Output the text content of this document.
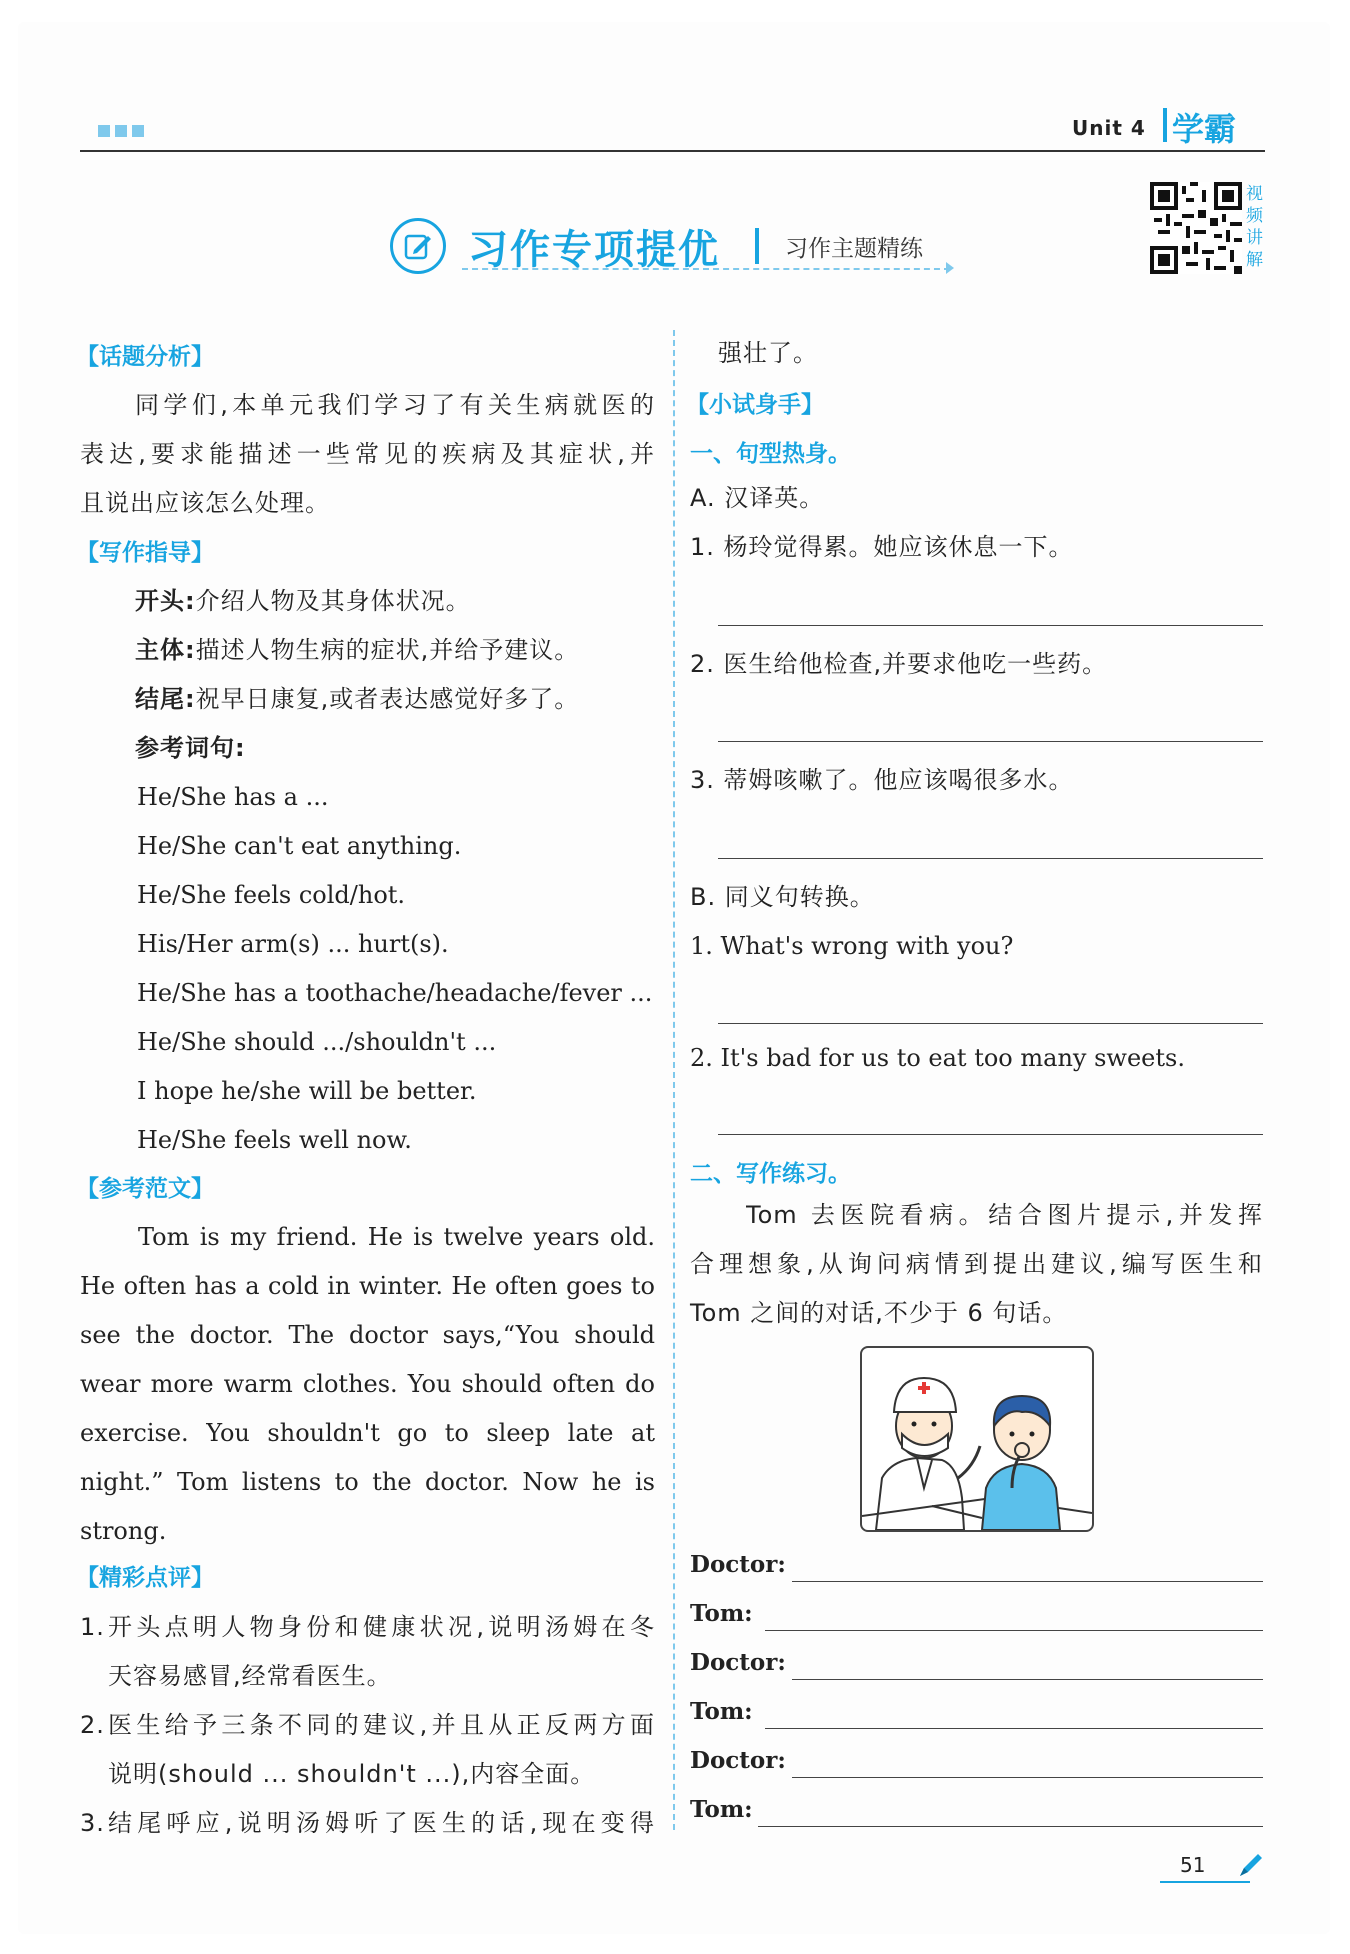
Unit 4 学霸
习作专项提优	习作主题精练
视频讲解
【话题分析】
同学们,本单元我们学习了有关生病就医的
表达,要求能描述一些常见的疾病及其症状,并
且说出应该怎么处理。
【写作指导】
开头:介绍人物及其身体状况。
主体:描述人物生病的症状,并给予建议。
结尾:祝早日康复,或者表达感觉好多了。
参考词句:
He/She has a ...
He/She can't eat anything.
He/She feels cold/hot.
His/Her arm(s) ... hurt(s).
He/She has a toothache/headache/fever ...
He/She should .../shouldn't ...
I hope he/she will be better.
He/She feels well now.
【参考范文】
Tom is my friend. He is twelve years old.
He often has a cold in winter. He often goes to
see the doctor. The doctor says,“You should
wear more warm clothes. You should often do
exercise. You shouldn't go to sleep late at
night.” Tom listens to the doctor. Now he is
strong.
【精彩点评】
1. 开头点明人物身份和健康状况,说明汤姆在冬
天容易感冒,经常看医生。
2. 医生给予三条不同的建议,并且从正反两方面
说明(should ... shouldn't ...),内容全面。
3. 结尾呼应,说明汤姆听了医生的话,现在变得
强壮了。
【小试身手】
一、句型热身。
A. 汉译英。
1. 杨玲觉得累。她应该休息一下。
2. 医生给他检查,并要求他吃一些药。
3. 蒂姆咳嗽了。他应该喝很多水。
B. 同义句转换。
1. What's wrong with you?
2. It's bad for us to eat too many sweets.
二、写作练习。
Tom 去医院看病。结合图片提示,并发挥
合理想象,从询问病情到提出建议,编写医生和
Tom 之间的对话,不少于 6 句话。
Doctor:
Tom:
Doctor:
Tom:
Doctor:
Tom:
51
